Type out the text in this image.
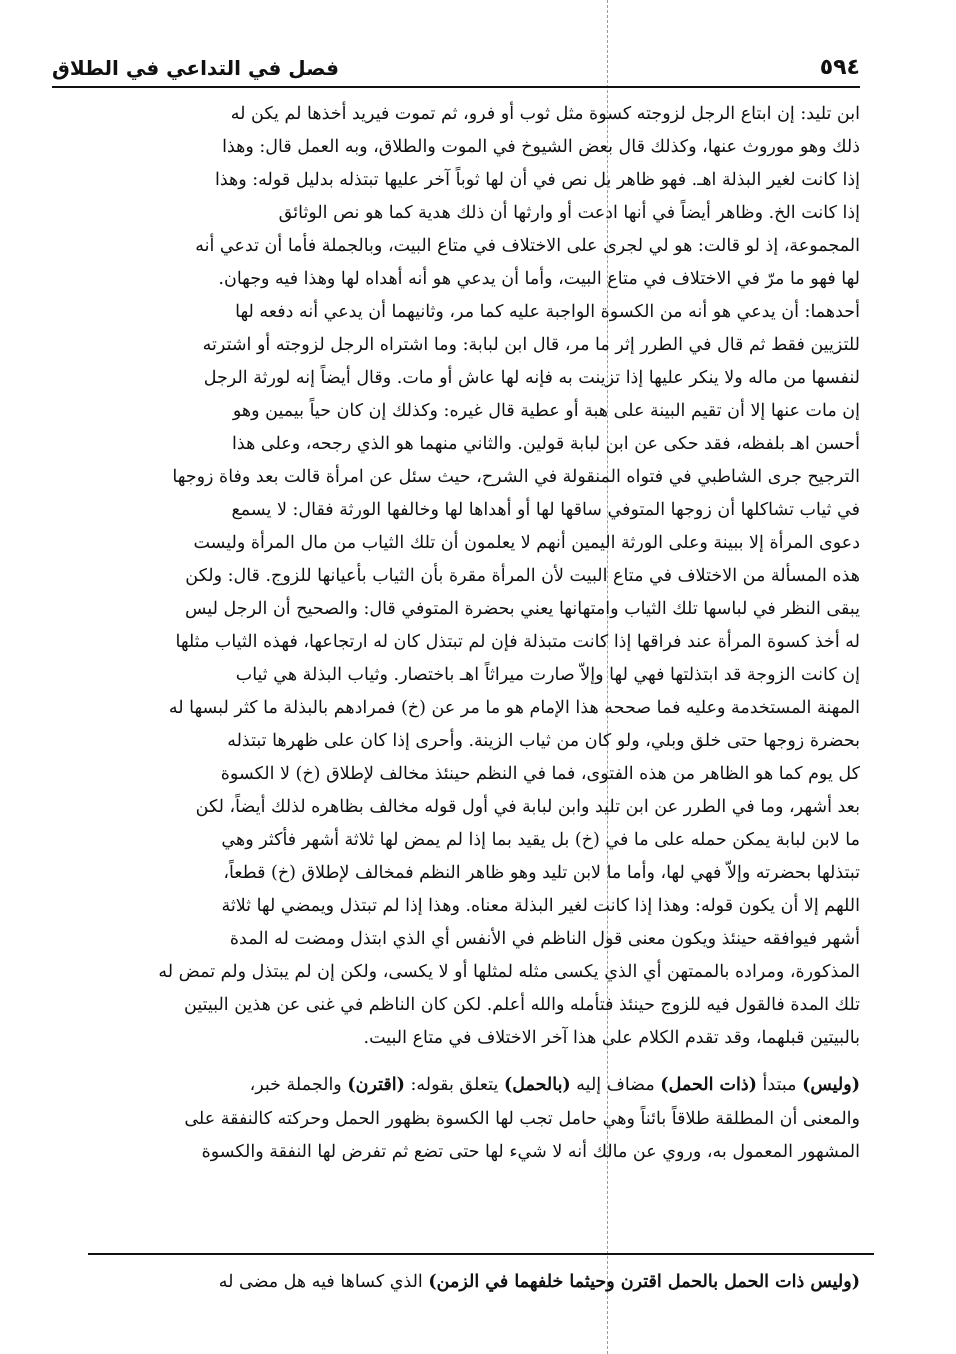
٥٩٤
فصل في التداعي في الطلاق
ابن تليد: إن ابتاع الرجل لزوجته كسوة مثل ثوب أو فرو، ثم تموت فيريد أخذها لم يكن له
ذلك وهو موروث عنها، وكذلك قال بعض الشيوخ في الموت والطلاق، وبه العمل قال: وهذا
إذا كانت لغير البذلة اهـ. فهو ظاهر بل نص في أن لها ثوباً آخر عليها تبتذله بدليل قوله: وهذا
إذا كانت الخ. وظاهر أيضاً في أنها ادعت أو وارثها أن ذلك هدية كما هو نص الوثائق
المجموعة، إذ لو قالت: هو لي لجرى على الاختلاف في متاع البيت، وبالجملة فأما أن تدعي أنه
لها فهو ما مرّ في الاختلاف في متاع البيت، وأما أن يدعي هو أنه أهداه لها وهذا فيه وجهان.
أحدهما: أن يدعي هو أنه من الكسوة الواجبة عليه كما مر، وثانيهما أن يدعي أنه دفعه لها
للتزيين فقط ثم قال في الطرر إثر ما مر، قال ابن لبابة: وما اشتراه الرجل لزوجته أو اشترته
لنفسها من ماله ولا ينكر عليها إذا تزينت به فإنه لها عاش أو مات. وقال أيضاً إنه لورثة الرجل
إن مات عنها إلا أن تقيم البينة على هبة أو عطية قال غيره: وكذلك إن كان حياً بيمين وهو
أحسن اهـ بلفظه، فقد حكى عن ابن لبابة قولين. والثاني منهما هو الذي رجحه، وعلى هذا
الترجيح جرى الشاطبي في فتواه المنقولة في الشرح، حيث سئل عن امرأة قالت بعد وفاة زوجها
في ثياب تشاكلها أن زوجها المتوفي ساقها لها أو أهداها لها وخالفها الورثة فقال: لا يسمع
دعوى المرأة إلا ببينة وعلى الورثة اليمين أنهم لا يعلمون أن تلك الثياب من مال المرأة وليست
هذه المسألة من الاختلاف في متاع البيت لأن المرأة مقرة بأن الثياب بأعيانها للزوج. قال: ولكن
يبقى النظر في لباسها تلك الثياب وامتهانها يعني بحضرة المتوفي قال: والصحيح أن الرجل ليس
له أخذ كسوة المرأة عند فراقها إذا كانت متبذلة فإن لم تبتذل كان له ارتجاعها، فهذه الثياب مثلها
إن كانت الزوجة قد ابتذلتها فهي لها وإلاّ صارت ميراثاً اهـ باختصار. وثياب البذلة هي ثياب
المهنة المستخدمة وعليه فما صححه هذا الإمام هو ما مر عن (خ) فمرادهم بالبذلة ما كثر لبسها له
بحضرة زوجها حتى خلق وبلي، ولو كان من ثياب الزينة. وأحرى إذا كان على ظهرها تبتذله
كل يوم كما هو الظاهر من هذه الفتوى، فما في النظم حينئذ مخالف لإطلاق (خ) لا الكسوة
بعد أشهر، وما في الطرر عن ابن تليد وابن لبابة في أول قوله مخالف بظاهره لذلك أيضاً، لكن
ما لابن لبابة يمكن حمله على ما في (خ) بل يقيد بما إذا لم يمض لها ثلاثة أشهر فأكثر وهي
تبتذلها بحضرته وإلاّ فهي لها، وأما ما لابن تليد وهو ظاهر النظم فمخالف لإطلاق (خ) قطعاً،
اللهم إلا أن يكون قوله: وهذا إذا كانت لغير البذلة معناه. وهذا إذا لم تبتذل ويمضي لها ثلاثة
أشهر فيوافقه حينئذ ويكون معنى قول الناظم في الأنفس أي الذي ابتذل ومضت له المدة
المذكورة، ومراده بالممتهن أي الذي يكسى مثله لمثلها أو لا يكسى، ولكن إن لم يبتذل ولم تمض له
تلك المدة فالقول فيه للزوج حينئذ فتأمله والله أعلم. لكن كان الناظم في غنى عن هذين البيتين
بالبيتين قبلهما، وقد تقدم الكلام على هذا آخر الاختلاف في متاع البيت.
(وليس) مبتدأ (ذات الحمل) مضاف إليه (بالحمل) يتعلق بقوله: (اقترن) والجملة خبر،
والمعنى أن المطلقة طلاقاً بائناً وهي حامل تجب لها الكسوة بظهور الحمل وحركته كالنفقة على
المشهور المعمول به، وروي عن مالك أنه لا شيء لها حتى تضع ثم تفرض لها النفقة والكسوة
(وليس ذات الحمل بالحمل اقترن وحيثما خلفهما في الزمن) الذي كساها فيه هل مضى له
